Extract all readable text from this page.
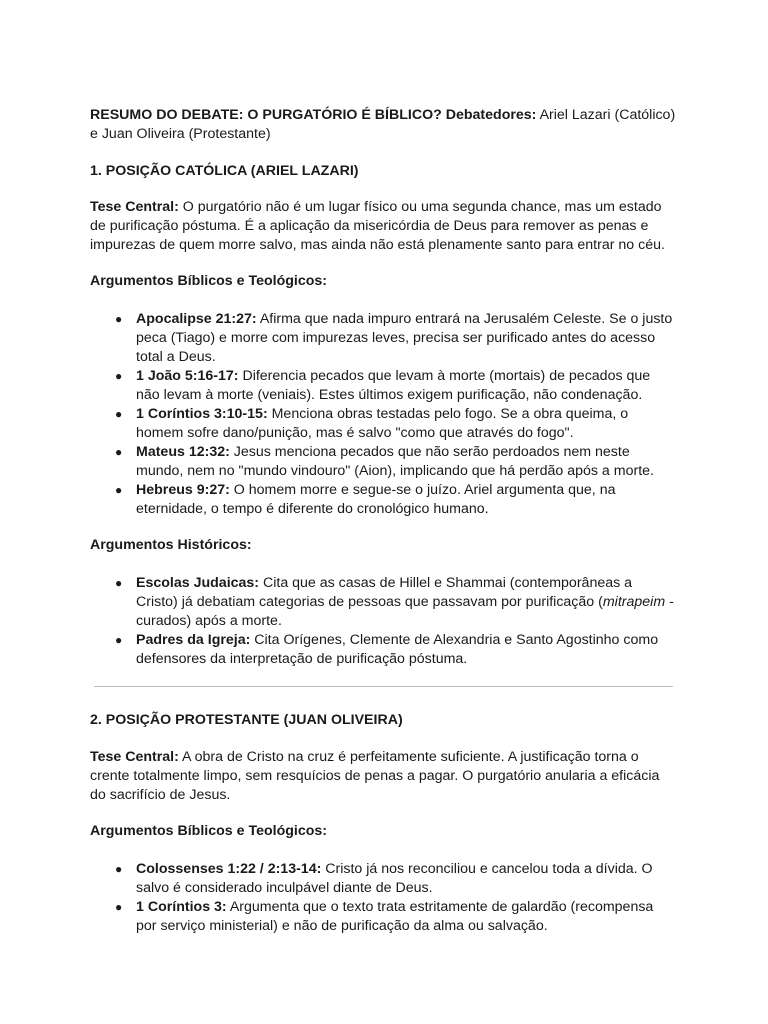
RESUMO DO DEBATE: O PURGATÓRIO É BÍBLICO? Debatedores: Ariel Lazari (Católico) e Juan Oliveira (Protestante)

1. POSIÇÃO CATÓLICA (ARIEL LAZARI)

Tese Central: O purgatório não é um lugar físico ou uma segunda chance, mas um estado de purificação póstuma. É a aplicação da misericórdia de Deus para remover as penas e impurezas de quem morre salvo, mas ainda não está plenamente santo para entrar no céu.

Argumentos Bíblicos e Teológicos:

● Apocalipse 21:27: Afirma que nada impuro entrará na Jerusalém Celeste. Se o justo peca (Tiago) e morre com impurezas leves, precisa ser purificado antes do acesso total a Deus.
● 1 João 5:16-17: Diferencia pecados que levam à morte (mortais) de pecados que não levam à morte (veniais). Estes últimos exigem purificação, não condenação.
● 1 Coríntios 3:10-15: Menciona obras testadas pelo fogo. Se a obra queima, o homem sofre dano/punição, mas é salvo "como que através do fogo".
● Mateus 12:32: Jesus menciona pecados que não serão perdoados nem neste mundo, nem no "mundo vindouro" (Aion), implicando que há perdão após a morte.
● Hebreus 9:27: O homem morre e segue-se o juízo. Ariel argumenta que, na eternidade, o tempo é diferente do cronológico humano.

Argumentos Históricos:

● Escolas Judaicas: Cita que as casas de Hillel e Shammai (contemporâneas a Cristo) já debatiam categorias de pessoas que passavam por purificação (mitrapeim - curados) após a morte.
● Padres da Igreja: Cita Orígenes, Clemente de Alexandria e Santo Agostinho como defensores da interpretação de purificação póstuma.

2. POSIÇÃO PROTESTANTE (JUAN OLIVEIRA)

Tese Central: A obra de Cristo na cruz é perfeitamente suficiente. A justificação torna o crente totalmente limpo, sem resquícios de penas a pagar. O purgatório anularia a eficácia do sacrifício de Jesus.

Argumentos Bíblicos e Teológicos:

● Colossenses 1:22 / 2:13-14: Cristo já nos reconciliou e cancelou toda a dívida. O salvo é considerado inculpável diante de Deus.
● 1 Coríntios 3: Argumenta que o texto trata estritamente de galardão (recompensa por serviço ministerial) e não de purificação da alma ou salvação.
